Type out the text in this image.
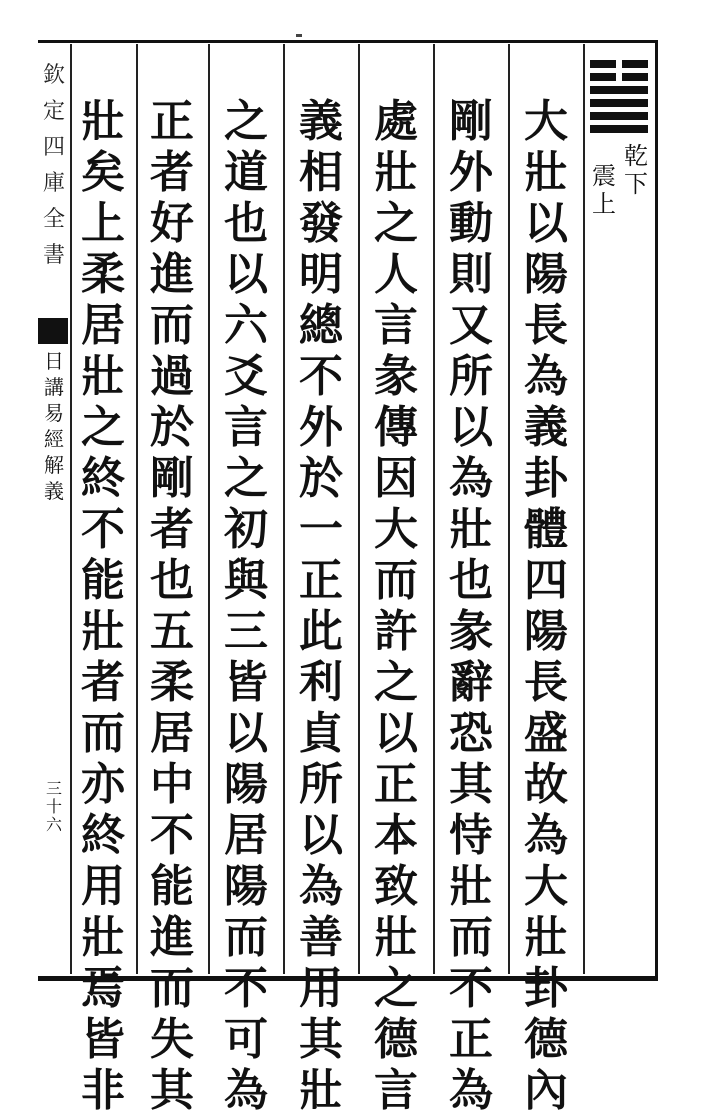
欽
定
四
庫
全
書
日
講
易
經
解
義
三十六
乾
下
震
上
大
壯
以
陽
長
為
義
卦
體
四
陽
長
盛
故
為
大
壯
卦
德
內
剛
外
動
則
又
所
以
為
壯
也
彖
辭
恐
其
恃
壯
而
不
正
為
處
壯
之
人
言
彖
傳
因
大
而
許
之
以
正
本
致
壯
之
德
言
義
相
發
明
總
不
外
於
一
正
此
利
貞
所
以
為
善
用
其
壯
之
道
也
以
六
爻
言
之
初
與
三
皆
以
陽
居
陽
而
不
可
為
正
者
好
進
而
過
於
剛
者
也
五
柔
居
中
不
能
進
而
失
其
壯
矣
上
柔
居
壯
之
終
不
能
壯
者
而
亦
終
用
壯
焉
皆
非
